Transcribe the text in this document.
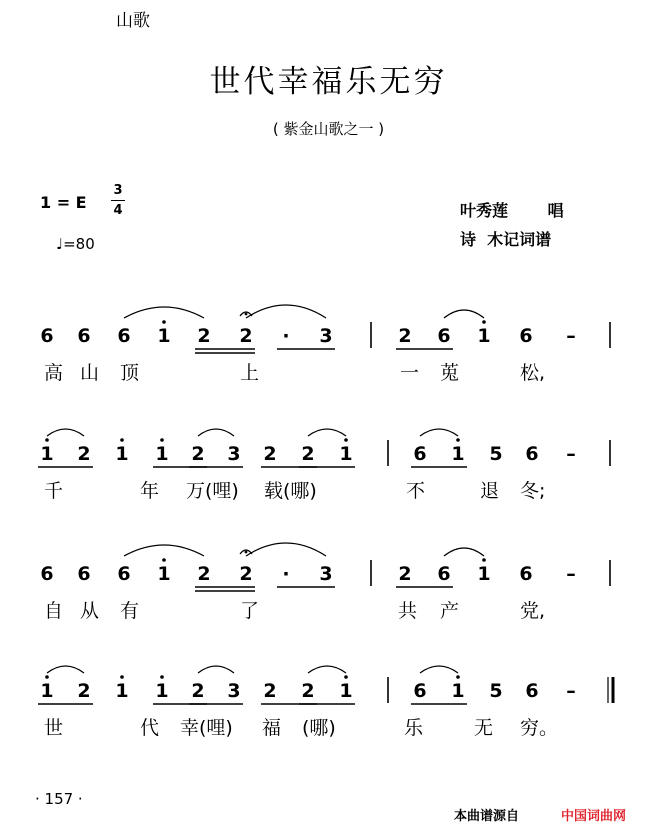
山歌
世代幸福乐无穷
( 紫金山歌之一 )
1 = E
3
4
♩=80
叶秀莲 唱
诗  木记词谱
6 6 6 1 2 2 · 3	2 6 1 6 –
高 山 顶	上	一 莵	松,
1 2 1 1 2 3 2 2 1	6 1 5 6 –
千	年 万(哩) 载(哪)	不	退 冬;
6 6 6 1 2 2 · 3	2 6 1 6 –
自 从 有	了	共 产	党,
1 2 1 1 2 3 2 2 1	6 1 5 6 –
世	代 幸(哩) 福 (哪)	乐	无 穷。
· 157 ·
本曲谱源自	中国词曲网
